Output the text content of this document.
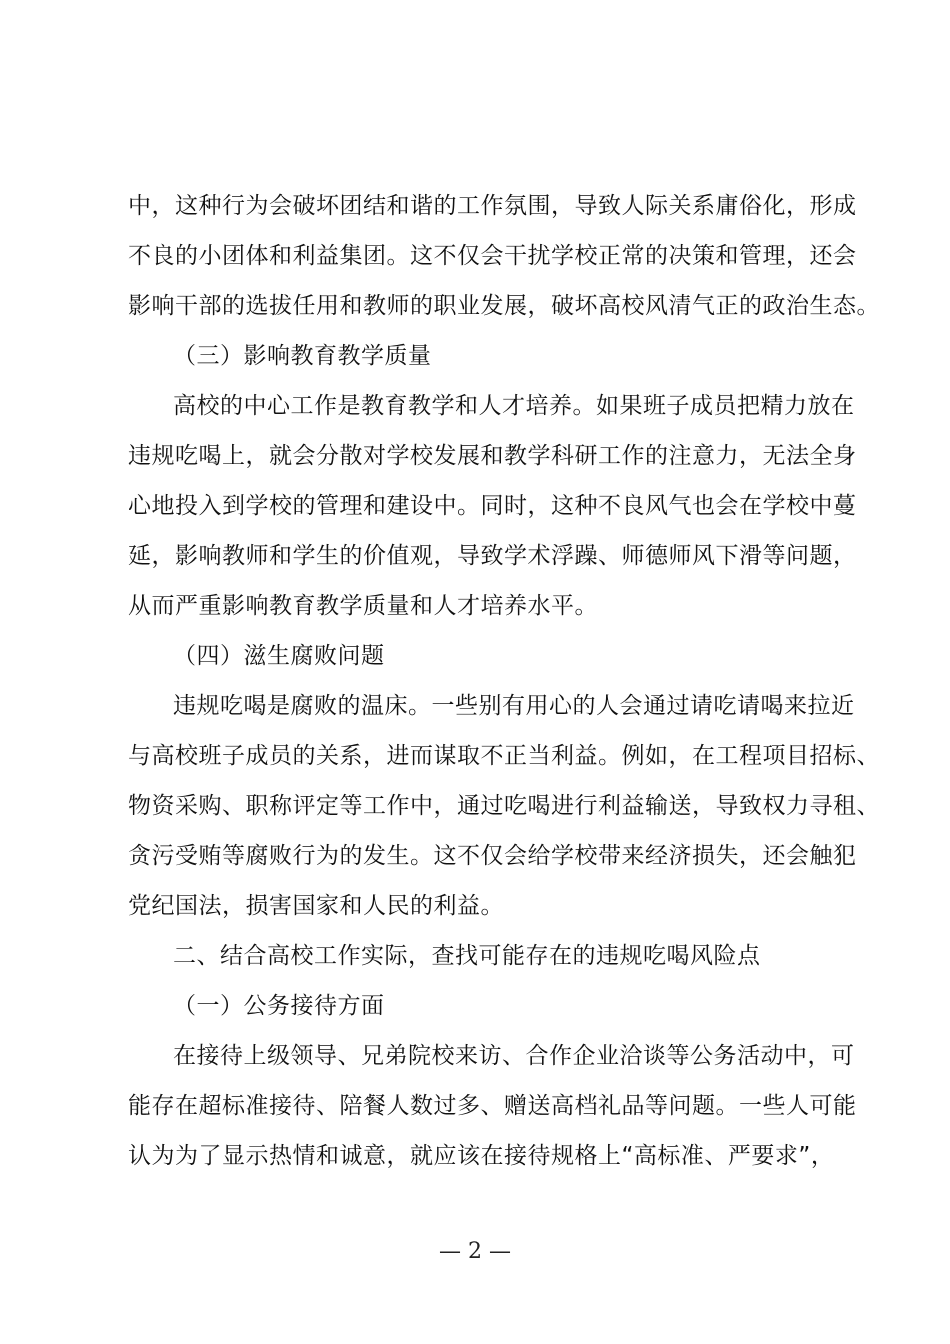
中，这种行为会破坏团结和谐的工作氛围，导致人际关系庸俗化，形成
不良的小团体和利益集团。这不仅会干扰学校正常的决策和管理，还会
影响干部的选拔任用和教师的职业发展，破坏高校风清气正的政治生态。
（三）影响教育教学质量
高校的中心工作是教育教学和人才培养。如果班子成员把精力放在
违规吃喝上，就会分散对学校发展和教学科研工作的注意力，无法全身
心地投入到学校的管理和建设中。同时，这种不良风气也会在学校中蔓
延，影响教师和学生的价值观，导致学术浮躁、师德师风下滑等问题，
从而严重影响教育教学质量和人才培养水平。
（四）滋生腐败问题
违规吃喝是腐败的温床。一些别有用心的人会通过请吃请喝来拉近
与高校班子成员的关系，进而谋取不正当利益。例如，在工程项目招标、
物资采购、职称评定等工作中，通过吃喝进行利益输送，导致权力寻租、
贪污受贿等腐败行为的发生。这不仅会给学校带来经济损失，还会触犯
党纪国法，损害国家和人民的利益。
二、结合高校工作实际，查找可能存在的违规吃喝风险点
（一）公务接待方面
在接待上级领导、兄弟院校来访、合作企业洽谈等公务活动中，可
能存在超标准接待、陪餐人数过多、赠送高档礼品等问题。一些人可能
认为为了显示热情和诚意，就应该在接待规格上“高标准、严要求”，
— 2 —
